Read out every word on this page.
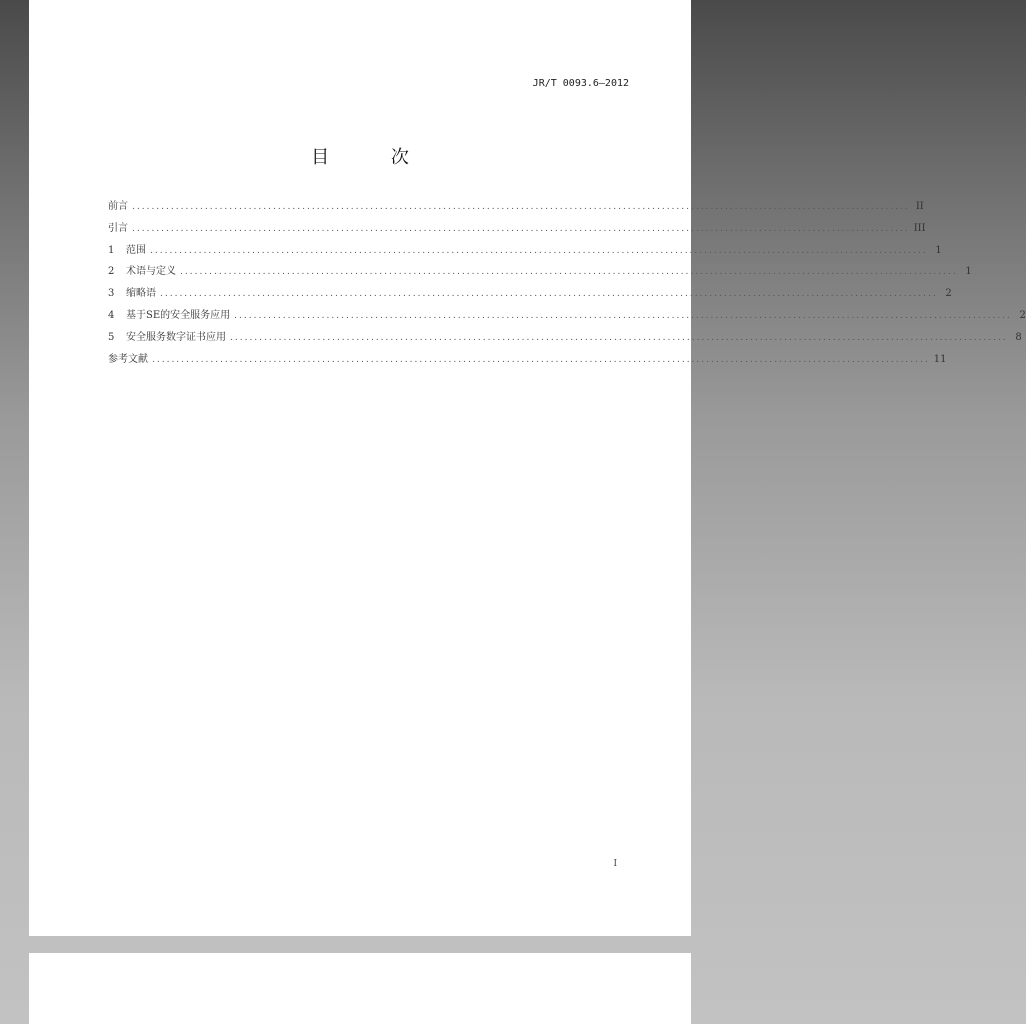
JR/T 0093.6—2012
目 次
前言 ................................................................................................................................................................ II
引言 ................................................................................................................................................................ III
1	范围 ................................................................................................................................................................ 1
2	术语与定义 ................................................................................................................................................................ 1
3	缩略语 ................................................................................................................................................................ 2
4	基于SE的安全服务应用 ................................................................................................................................................................ 2
5	安全服务数字证书应用 ................................................................................................................................................................ 8
参考文献 ................................................................................................................................................................ 11
I
